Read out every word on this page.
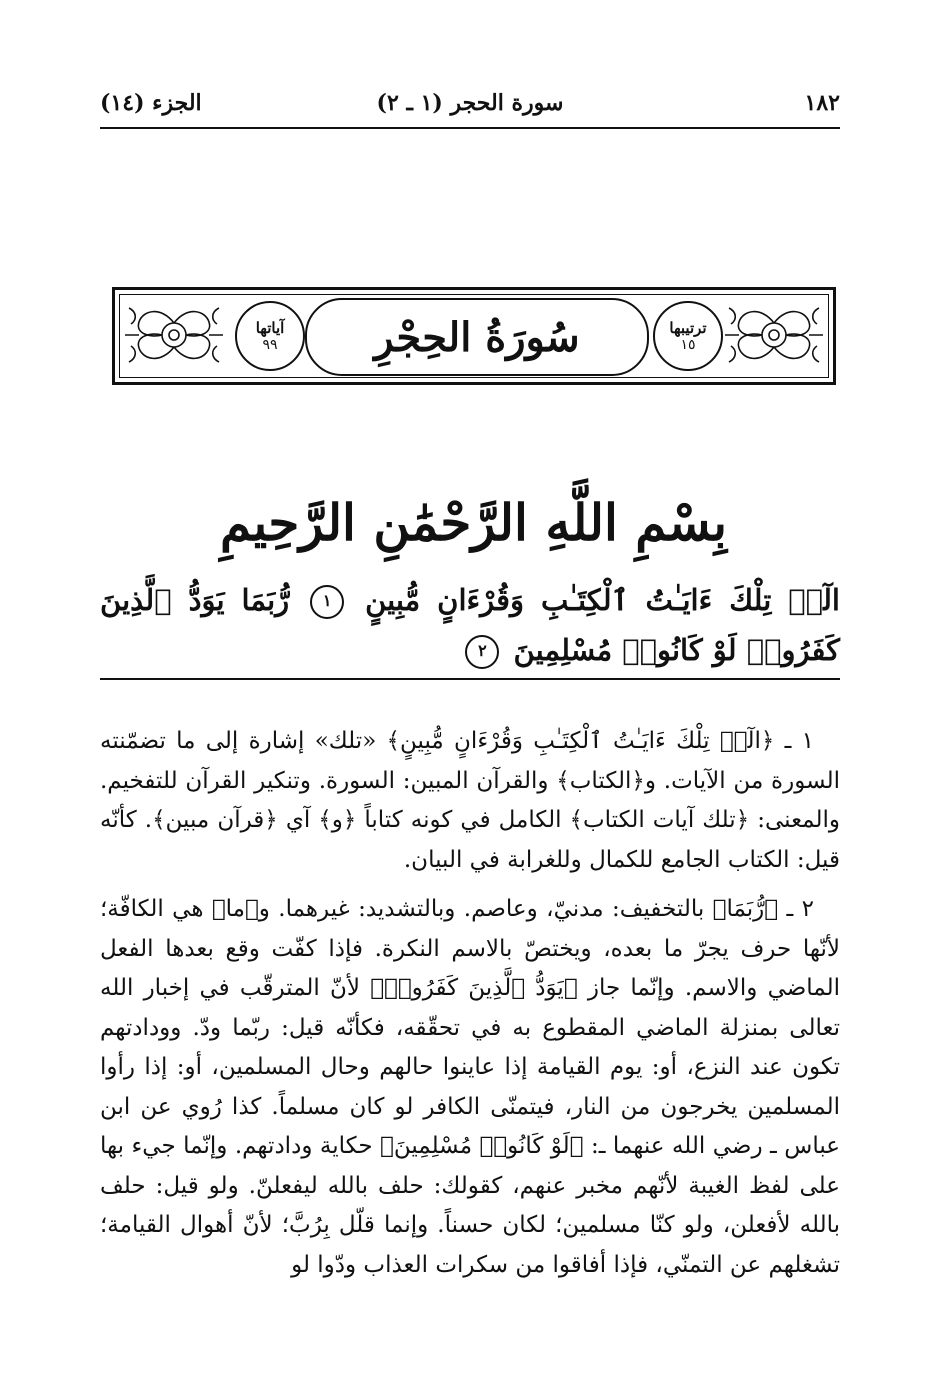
١٨٢
سورة الحجر (١ ـ ٢)
الجزء (١٤)
ترتيبها
١٥
سُورَةُ الحِجْرِ
آياتها
٩٩
بِسْمِ اللَّهِ الرَّحْمَٰنِ الرَّحِيمِ
الٓرۚ تِلْكَ ءَايَـٰتُ ٱلْكِتَـٰبِ وَقُرْءَانٍ مُّبِينٍ ١ رُّبَمَا يَوَدُّ ٱلَّذِينَ كَفَرُوا۟ لَوْ كَانُوا۟ مُسْلِمِينَ ٢

١ ـ ﴿الٓرۚ تِلْكَ ءَايَـٰتُ ٱلْكِتَـٰبِ وَقُرْءَانٍ مُّبِينٍ﴾ «تلك» إشارة إلى ما تضمّنته السورة من الآيات. و﴿الكتاب﴾ والقرآن المبين: السورة. وتنكير القرآن للتفخيم. والمعنى: ﴿تلك آيات الكتاب﴾ الكامل في كونه كتاباً ﴿و﴾ آي ﴿قرآن مبين﴾. كأنّه قيل: الكتاب الجامع للكمال وللغرابة في البيان.

٢ ـ ﴿رُّبَمَا﴾ بالتخفيف: مدنيّ، وعاصم. وبالتشديد: غيرهما. و﴿ما﴾ هي الكافّة؛ لأنّها حرف يجرّ ما بعده، ويختصّ بالاسم النكرة. فإذا كفّت وقع بعدها الفعل الماضي والاسم. وإنّما جاز ﴿يَوَدُّ ٱلَّذِينَ كَفَرُوا۟﴾ لأنّ المترقّب في إخبار الله تعالى بمنزلة الماضي المقطوع به في تحقّقه، فكأنّه قيل: ربّما ودّ. وودادتهم تكون عند النزع، أو: يوم القيامة إذا عاينوا حالهم وحال المسلمين، أو: إذا رأوا المسلمين يخرجون من النار، فيتمنّى الكافر لو كان مسلماً. كذا رُوي عن ابن عباس ـ رضي الله عنهما ـ: ﴿لَوْ كَانُوا۟ مُسْلِمِينَ﴾ حكاية ودادتهم. وإنّما جيء بها على لفظ الغيبة لأنّهم مخبر عنهم، كقولك: حلف بالله ليفعلنّ. ولو قيل: حلف بالله لأفعلن، ولو كنّا مسلمين؛ لكان حسناً. وإنما قلّل بِرُبَّ؛ لأنّ أهوال القيامة؛ تشغلهم عن التمنّي، فإذا أفاقوا من سكرات العذاب ودّوا لو
